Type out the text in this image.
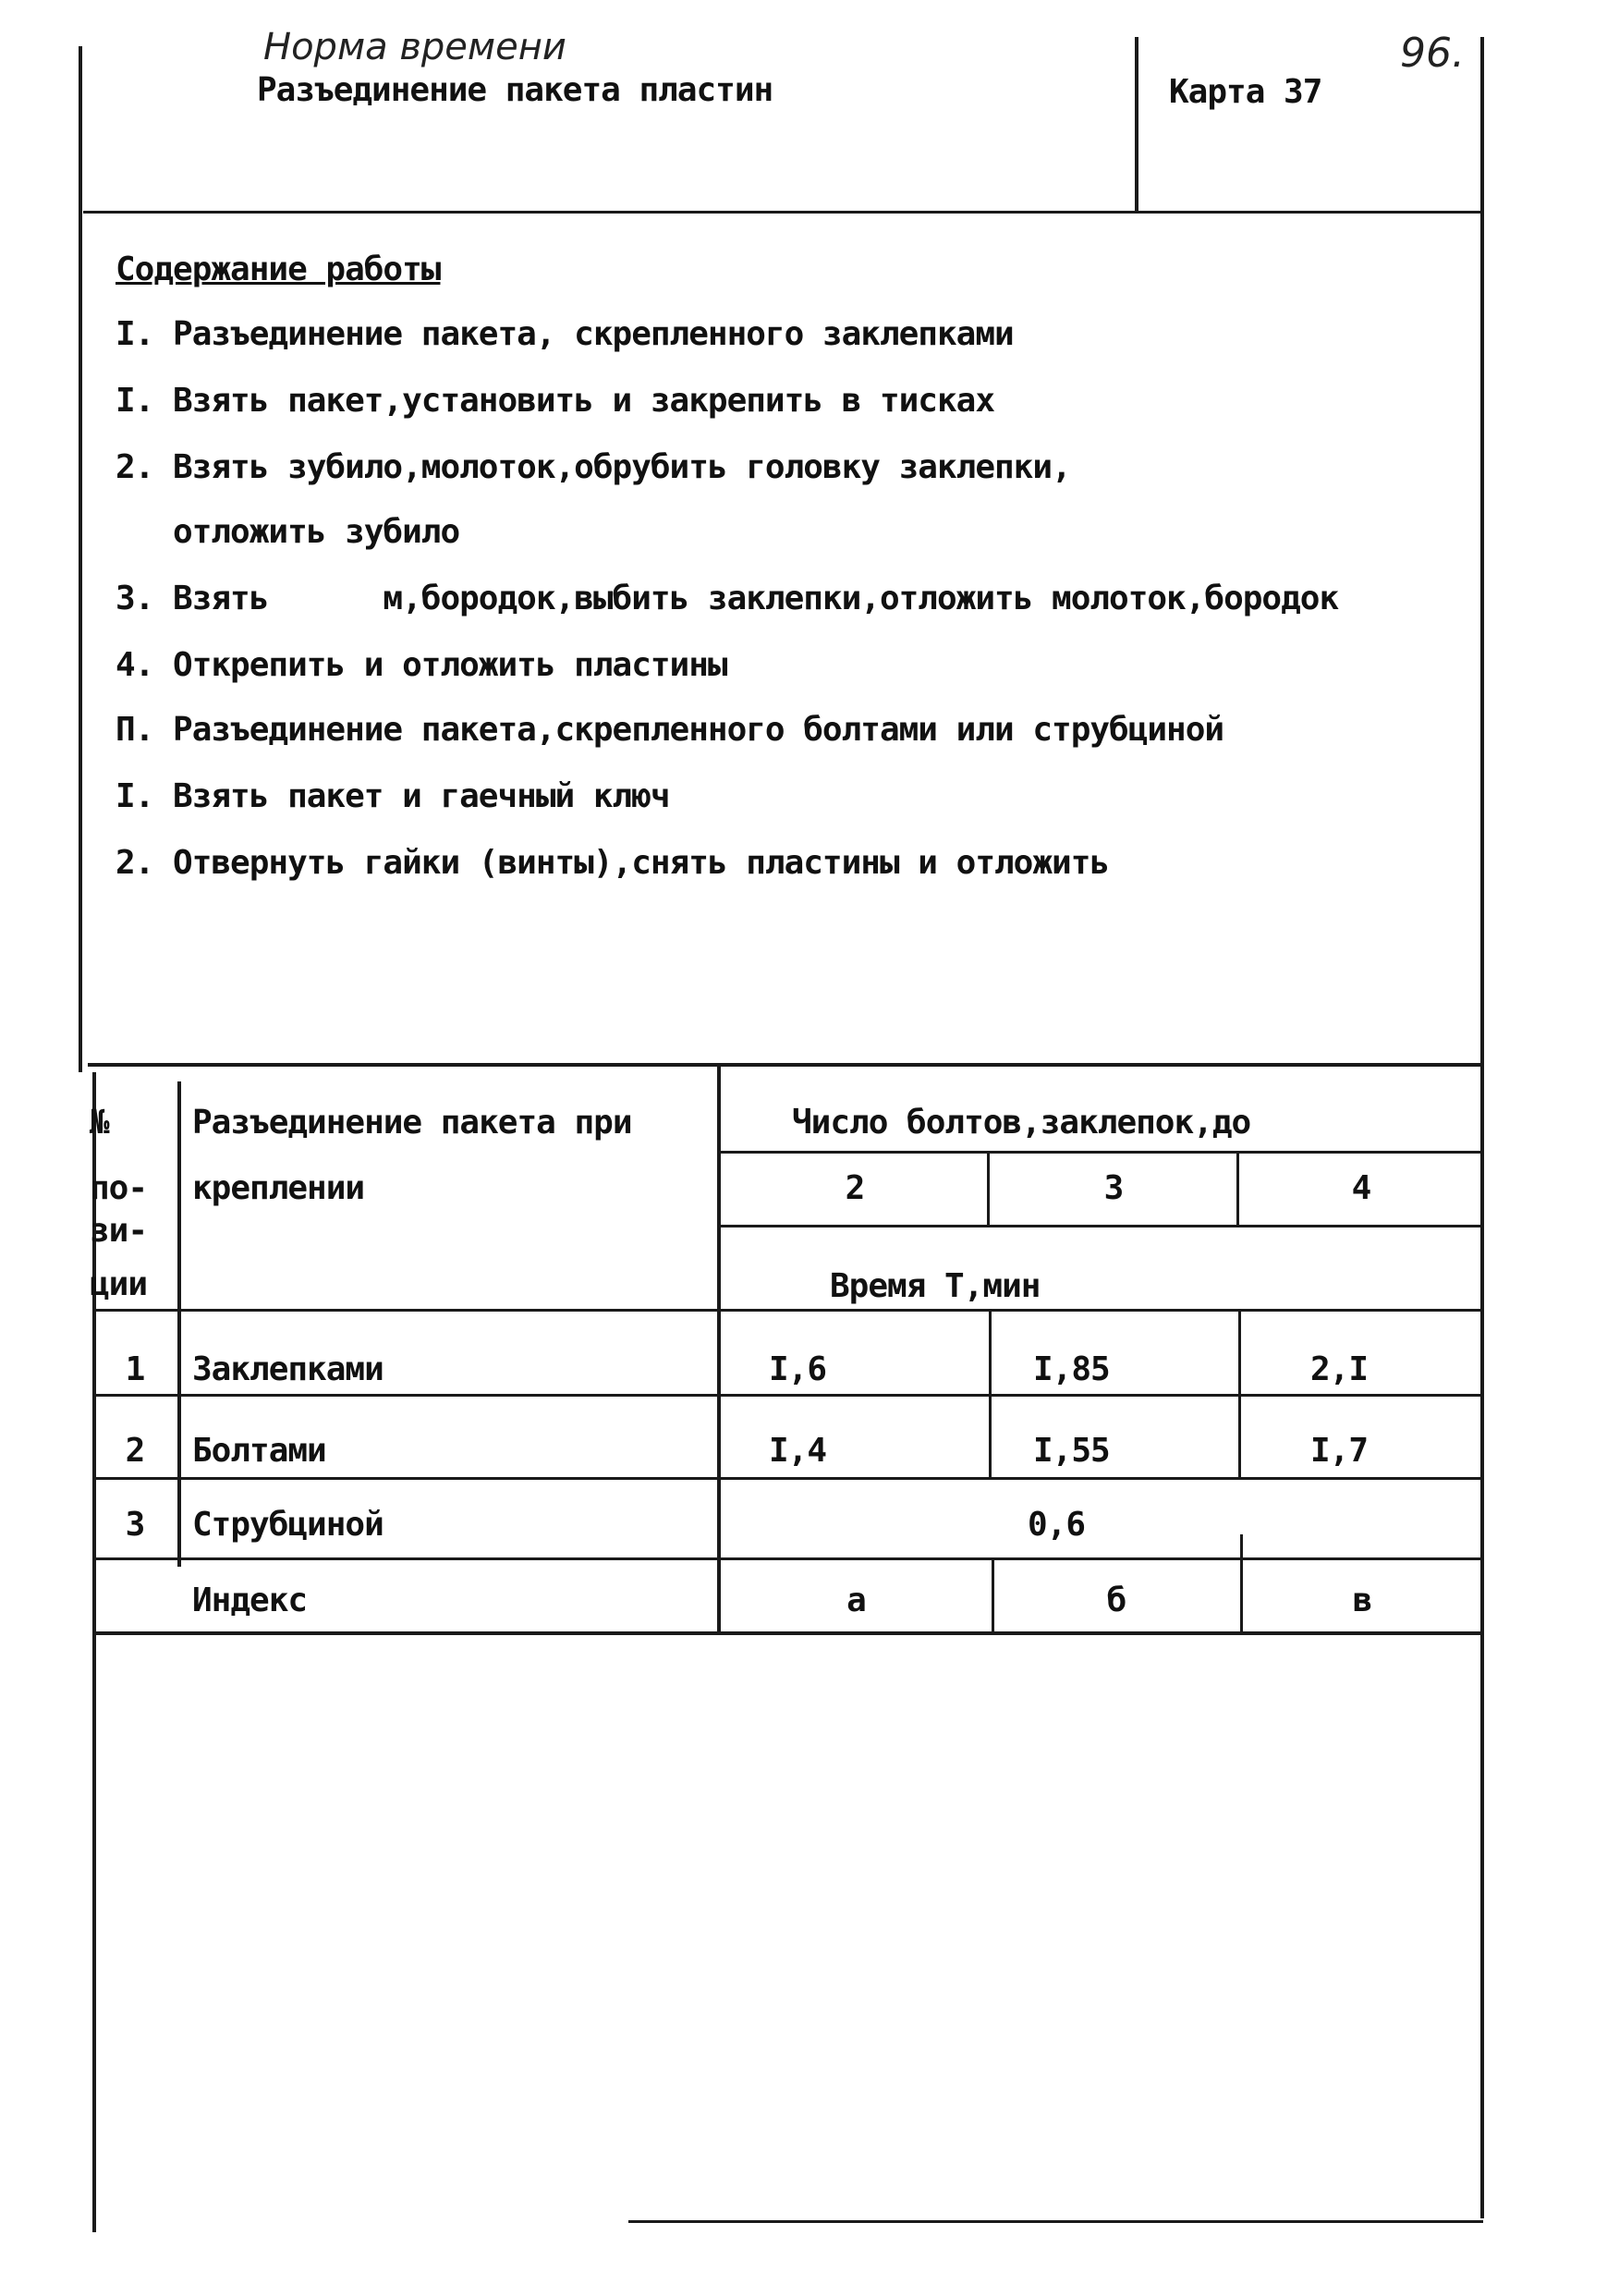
Норма времени	96.
Разъединение пакета пластин	Карта 37
Содержание работы
I. Разъединение пакета, скрепленного заклепками
I. Взять пакет,установить и закрепить в тисках
2. Взять зубило,молоток,обрубить головку заклепки,
отложить зубило
3. Взять      м,бородок,выбить заклепки,отложить молоток,бородок
4. Открепить и отложить пластины
П. Разъединение пакета,скрепленного болтами или струбциной
I. Взять пакет и гаечный ключ
2. Отвернуть гайки (винты),снять пластины и отложить
№
по-
зи-
ции
Разъединение пакета при
креплении
Число болтов,заклепок,до
2	3	4
Время Т,мин
1	Заклепками	I,6	I,85	2,I
2	Болтами	I,4	I,55	I,7
3	Струбциной	0,6
Индекс	а	б	в
